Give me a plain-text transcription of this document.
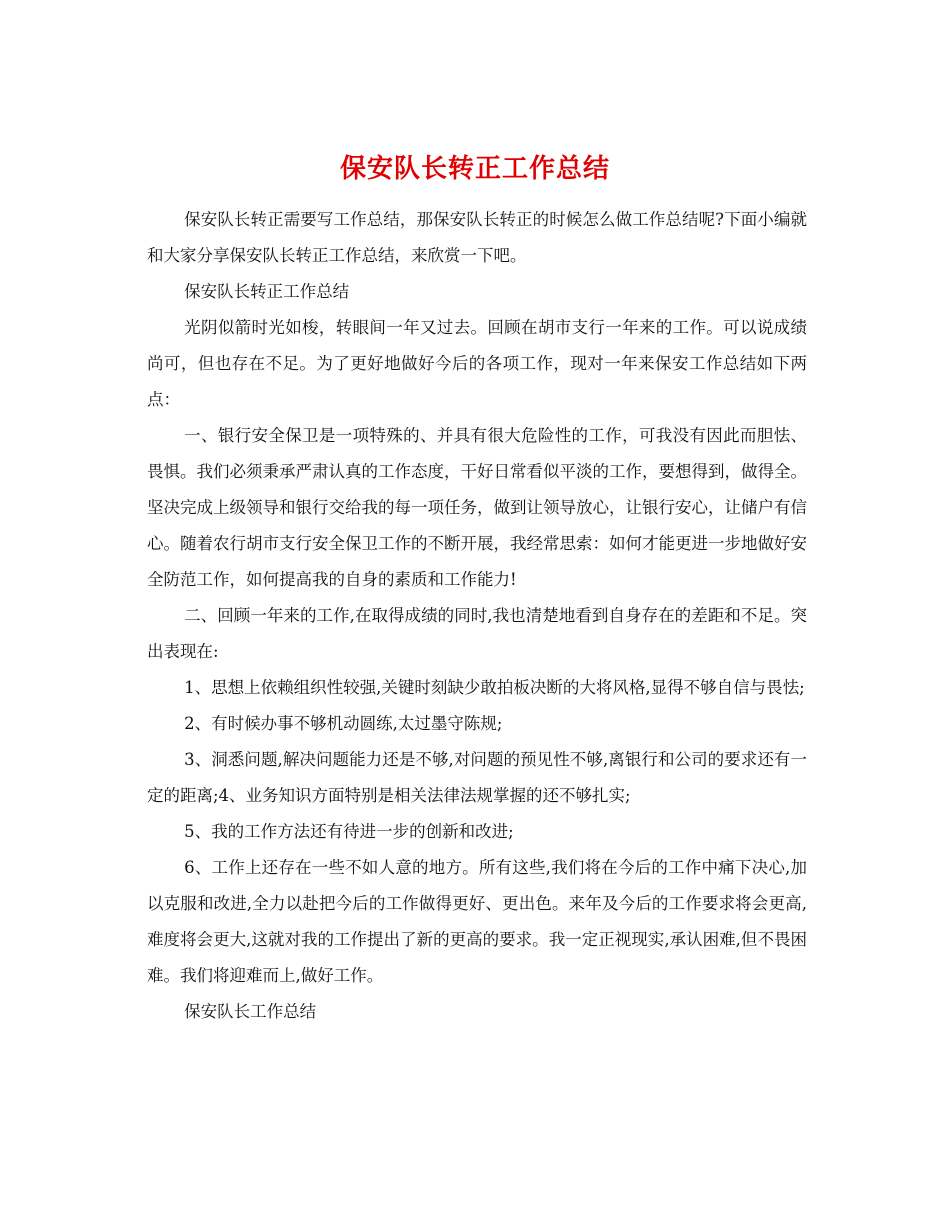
保安队长转正工作总结

保安队长转正需要写工作总结，那保安队长转正的时候怎么做工作总结呢?下面小编就和大家分享保安队长转正工作总结，来欣赏一下吧。

保安队长转正工作总结

光阴似箭时光如梭，转眼间一年又过去。回顾在胡市支行一年来的工作。可以说成绩尚可，但也存在不足。为了更好地做好今后的各项工作，现对一年来保安工作总结如下两点：

一、银行安全保卫是一项特殊的、并具有很大危险性的工作，可我没有因此而胆怯、畏惧。我们必须秉承严肃认真的工作态度，干好日常看似平淡的工作，要想得到，做得全。坚决完成上级领导和银行交给我的每一项任务，做到让领导放心，让银行安心，让储户有信心。随着农行胡市支行安全保卫工作的不断开展，我经常思索：如何才能更进一步地做好安全防范工作，如何提高我的自身的素质和工作能力!

二、回顾一年来的工作,在取得成绩的同时,我也清楚地看到自身存在的差距和不足。突出表现在:

1、思想上依赖组织性较强,关键时刻缺少敢拍板决断的大将风格,显得不够自信与畏怯;

2、有时候办事不够机动圆练,太过墨守陈规;

3、洞悉问题,解决问题能力还是不够,对问题的预见性不够,离银行和公司的要求还有一定的距离;4、业务知识方面特别是相关法律法规掌握的还不够扎实;

5、我的工作方法还有待进一步的创新和改进;

6、工作上还存在一些不如人意的地方。所有这些,我们将在今后的工作中痛下决心,加以克服和改进,全力以赴把今后的工作做得更好、更出色。来年及今后的工作要求将会更高,难度将会更大,这就对我的工作提出了新的更高的要求。我一定正视现实,承认困难,但不畏困难。我们将迎难而上,做好工作。

保安队长工作总结
